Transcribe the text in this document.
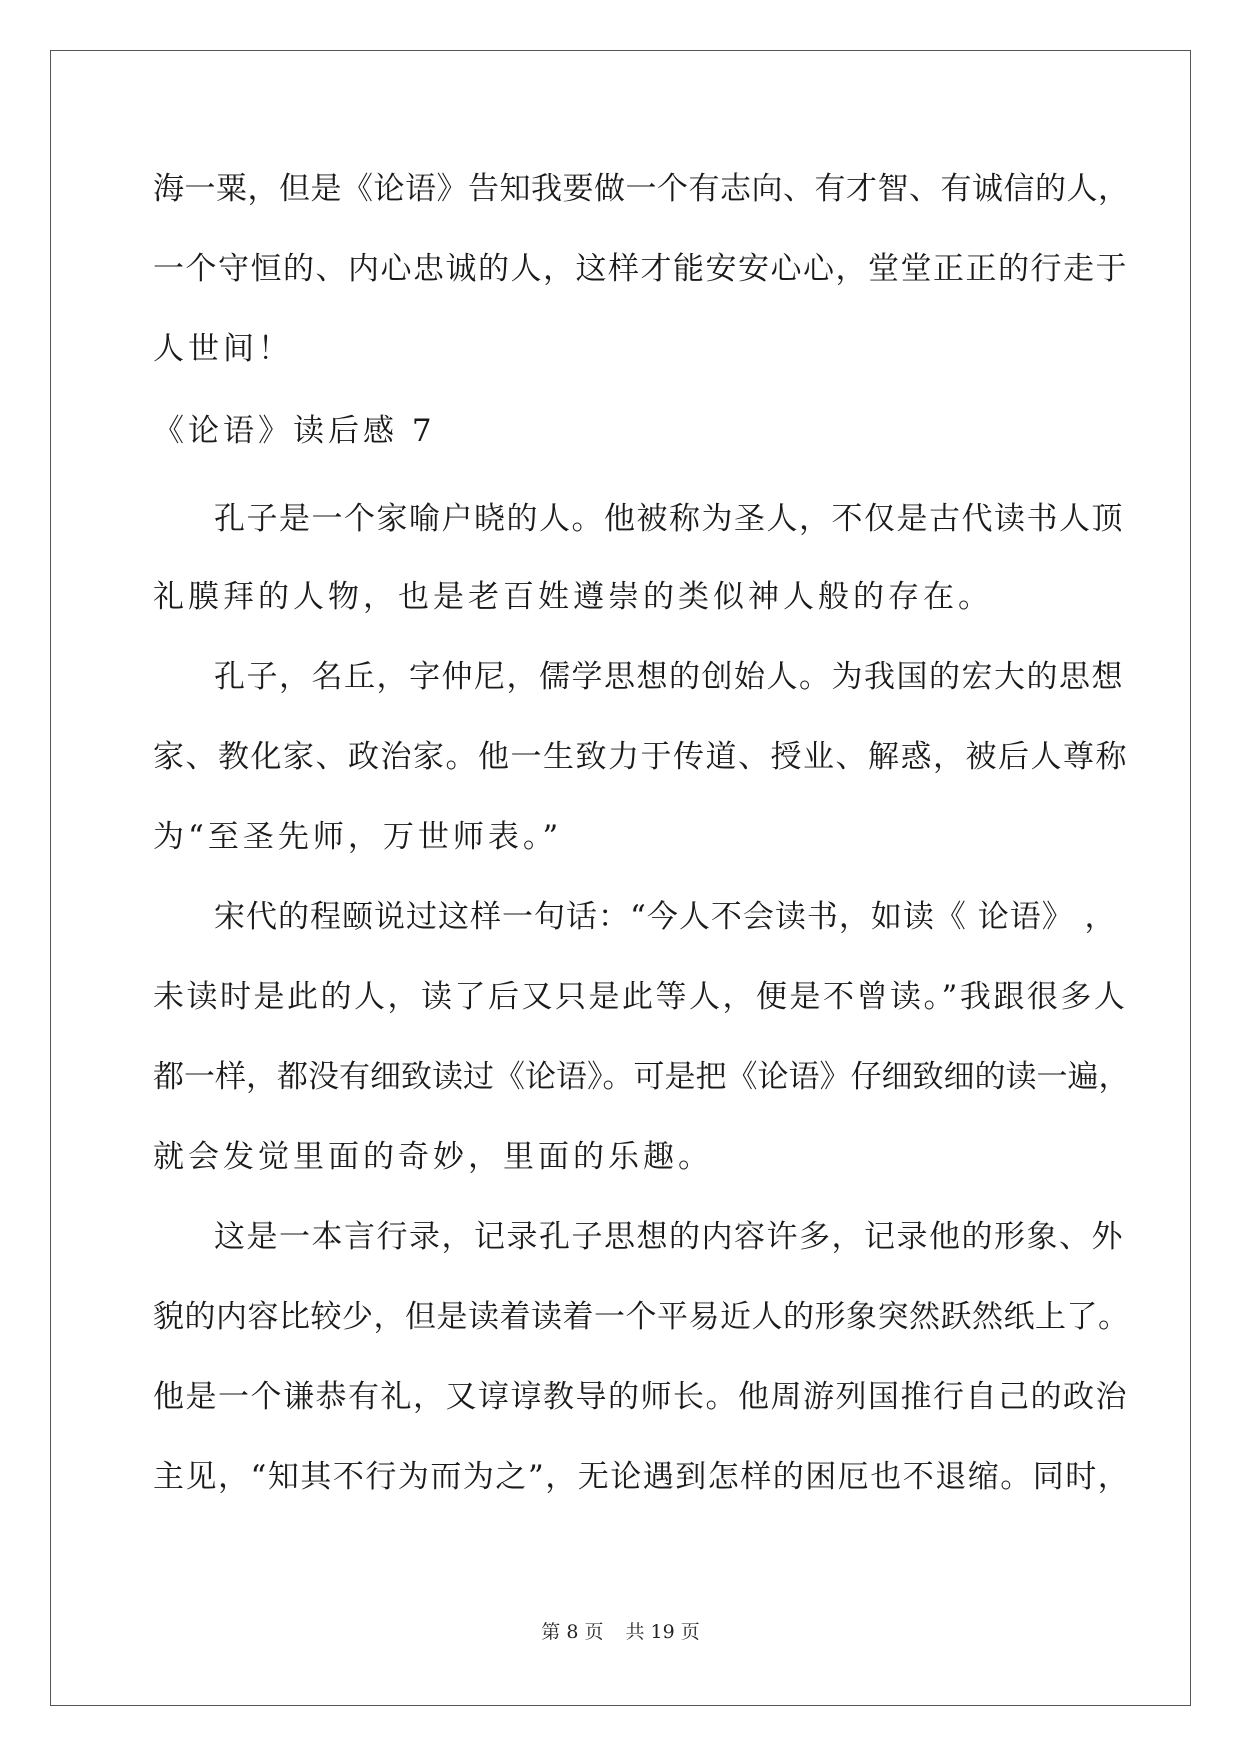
海一粟，但是《论语》告知我要做一个有志向、有才智、有诚信的人，
一个守恒的、内心忠诚的人，这样才能安安心心，堂堂正正的行走于
人世间！
《论语》读后感 7
孔子是一个家喻户晓的人。他被称为圣人，不仅是古代读书人顶
礼膜拜的人物，也是老百姓遵崇的类似神人般的存在。
孔子，名丘，字仲尼，儒学思想的创始人。为我国的宏大的思想
家、教化家、政治家。他一生致力于传道、授业、解惑，被后人尊称
为“至圣先师，万世师表。”
宋代的程颐说过这样一句话：“今人不会读书，如读《 论语》 ，
未读时是此的人，读了后又只是此等人，便是不曾读。”我跟很多人
都一样，都没有细致读过《论语》。可是把《论语》仔细致细的读一遍，
就会发觉里面的奇妙，里面的乐趣。
这是一本言行录，记录孔子思想的内容许多，记录他的形象、外
貌的内容比较少，但是读着读着一个平易近人的形象突然跃然纸上了。
他是一个谦恭有礼，又谆谆教导的师长。他周游列国推行自己的政治
主见，“知其不行为而为之”，无论遇到怎样的困厄也不退缩。同时，
第 8 页 共 19 页
